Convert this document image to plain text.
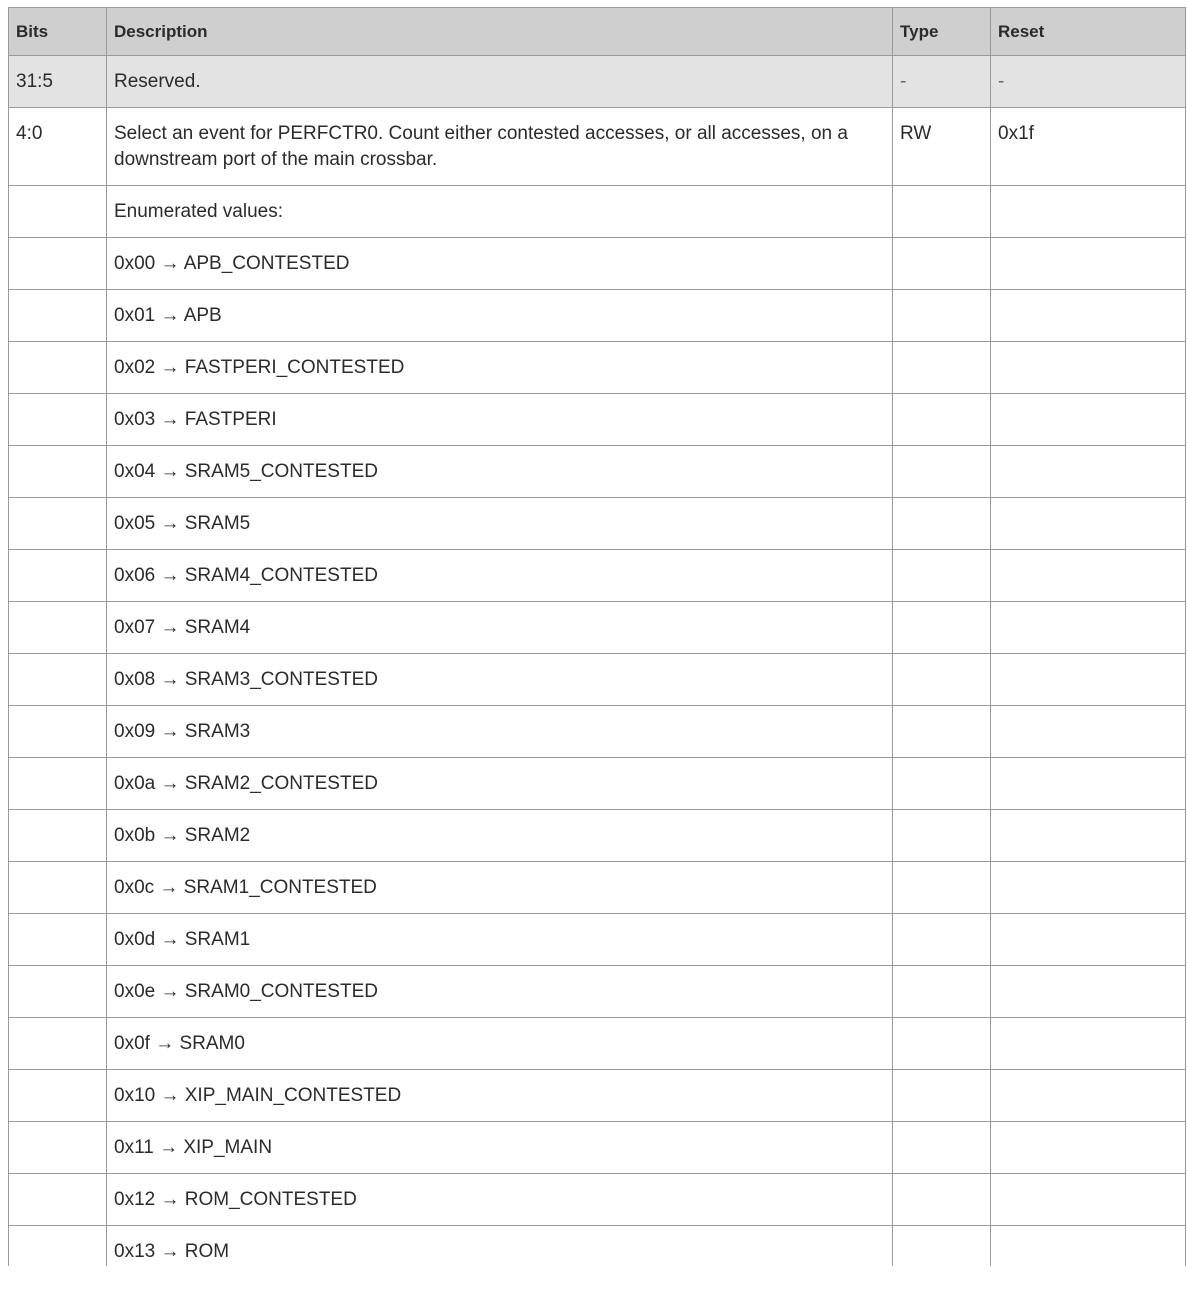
Bits	Description	Type	Reset
31:5	Reserved.	-	-
4:0	Select an event for PERFCTR0. Count either contested accesses, or all accesses, on a downstream port of the main crossbar.	RW	0x1f
	Enumerated values:		
	0x00 → APB_CONTESTED		
	0x01 → APB		
	0x02 → FASTPERI_CONTESTED		
	0x03 → FASTPERI		
	0x04 → SRAM5_CONTESTED		
	0x05 → SRAM5		
	0x06 → SRAM4_CONTESTED		
	0x07 → SRAM4		
	0x08 → SRAM3_CONTESTED		
	0x09 → SRAM3		
	0x0a → SRAM2_CONTESTED		
	0x0b → SRAM2		
	0x0c → SRAM1_CONTESTED		
	0x0d → SRAM1		
	0x0e → SRAM0_CONTESTED		
	0x0f → SRAM0		
	0x10 → XIP_MAIN_CONTESTED		
	0x11 → XIP_MAIN		
	0x12 → ROM_CONTESTED		
	0x13 → ROM		
